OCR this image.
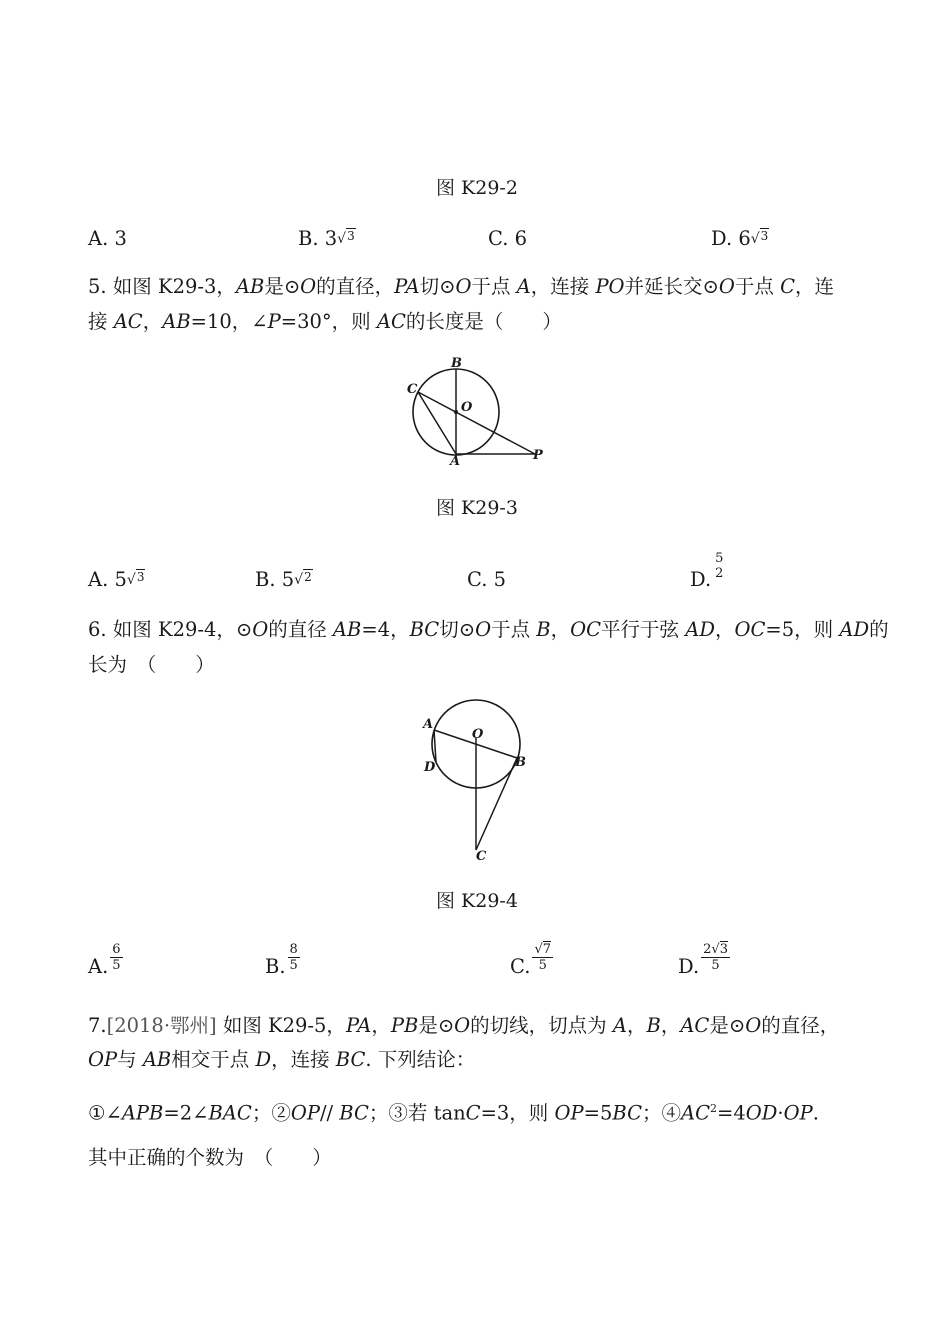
图 K29-2
A. 3	B. 3√$^3$	C. 6	D. 6√$^3$
5. 如图 K29-3，AB是⊙O的直径，PA切⊙O于点 A，连接 PO并延长交⊙O于点 C，连
接 AC，AB=10，∠P=30°，则 AC的长度是（　　）
B
C
O
A	P
图 K29-3
A. 5√$^3$	B. 5√$^2$	C. 5	D.
5
2
6. 如图 K29-4，⊙O的直径 AB=4，BC切⊙O于点 B，OC平行于弦 AD，OC=5，则 AD的
长为　（　　）
A
O
B
D
C
图 K29-4
A. $\frac{6}{5}$	B. $\frac{8}{5}$	C. $\frac{√7}{5}$	D. $\frac{2√3}{5}$
7.[2018·鄂州] 如图 K29-5，PA，PB是⊙O的切线，切点为 A，B，AC是⊙O的直径，
OP与 AB相交于点 D，连接 BC. 下列结论：
①∠APB=2∠BAC；②OP// BC；③若 tanC=3，则 OP=5BC；$④AC^2=4OD\cdot OP$.
其中正确的个数为　（　　）
